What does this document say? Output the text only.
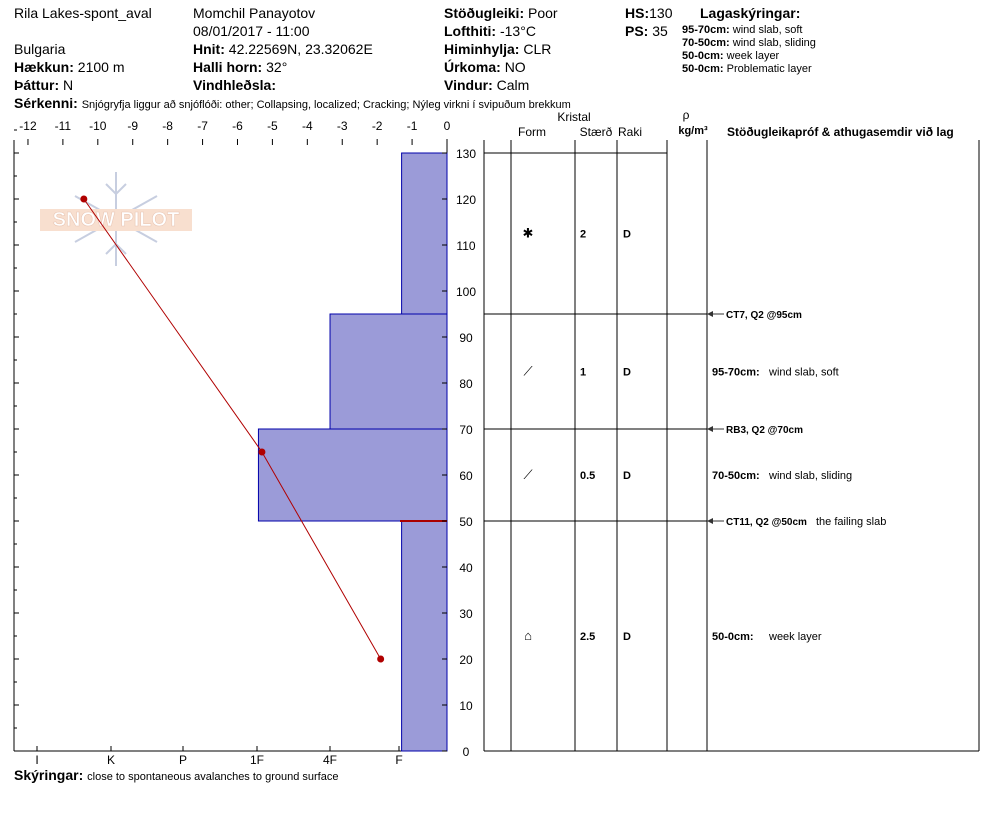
Rila Lakes-spont_aval
Bulgaria
Hækkun: 2100 m
Þáttur: N
Momchil Panayotov
08/01/2017 - 11:00
Hnit: 42.22569N, 23.32062E
Halli horn: 32°
Vindhleðsla:
Stöðugleiki: Poor
Lofthiti: -13°C
Himinhylja: CLR
Úrkoma: NO
Vindur: Calm
HS:130
PS: 35
Lagaskýringar:
95-70cm: wind slab, soft
70-50cm: wind slab, sliding
50-0cm: week layer
50-0cm: Problematic layer
Sérkenni: Snjógryfja liggur að snjóflóði: other; Collapsing, localized; Cracking; Nýleg virkni í svipuðum brekkum
SNOW PILOT
-12 -11 -10 -9 -8 -7 -6 -5 -4 -3 -2 -1 0
0
10
20
30
40
50
60
70
80
90
100
110
120
130
I	K	P	1F	4F	F
✱	2	D
⟋	1	D
⟋	0.5	D
⌂	2.5	D
CT7, Q2 @95cm
RB3, Q2 @70cm
CT11, Q2 @50cm the failing slab
95-70cm: wind slab, soft
70-50cm: wind slab, sliding
50-0cm: week layer
Kristal
Form	Stærð Raki
ρ
kg/m³ Stöðugleikapróf & athugasemdir við lag
Skýringar: close to spontaneous avalanches to ground surface
